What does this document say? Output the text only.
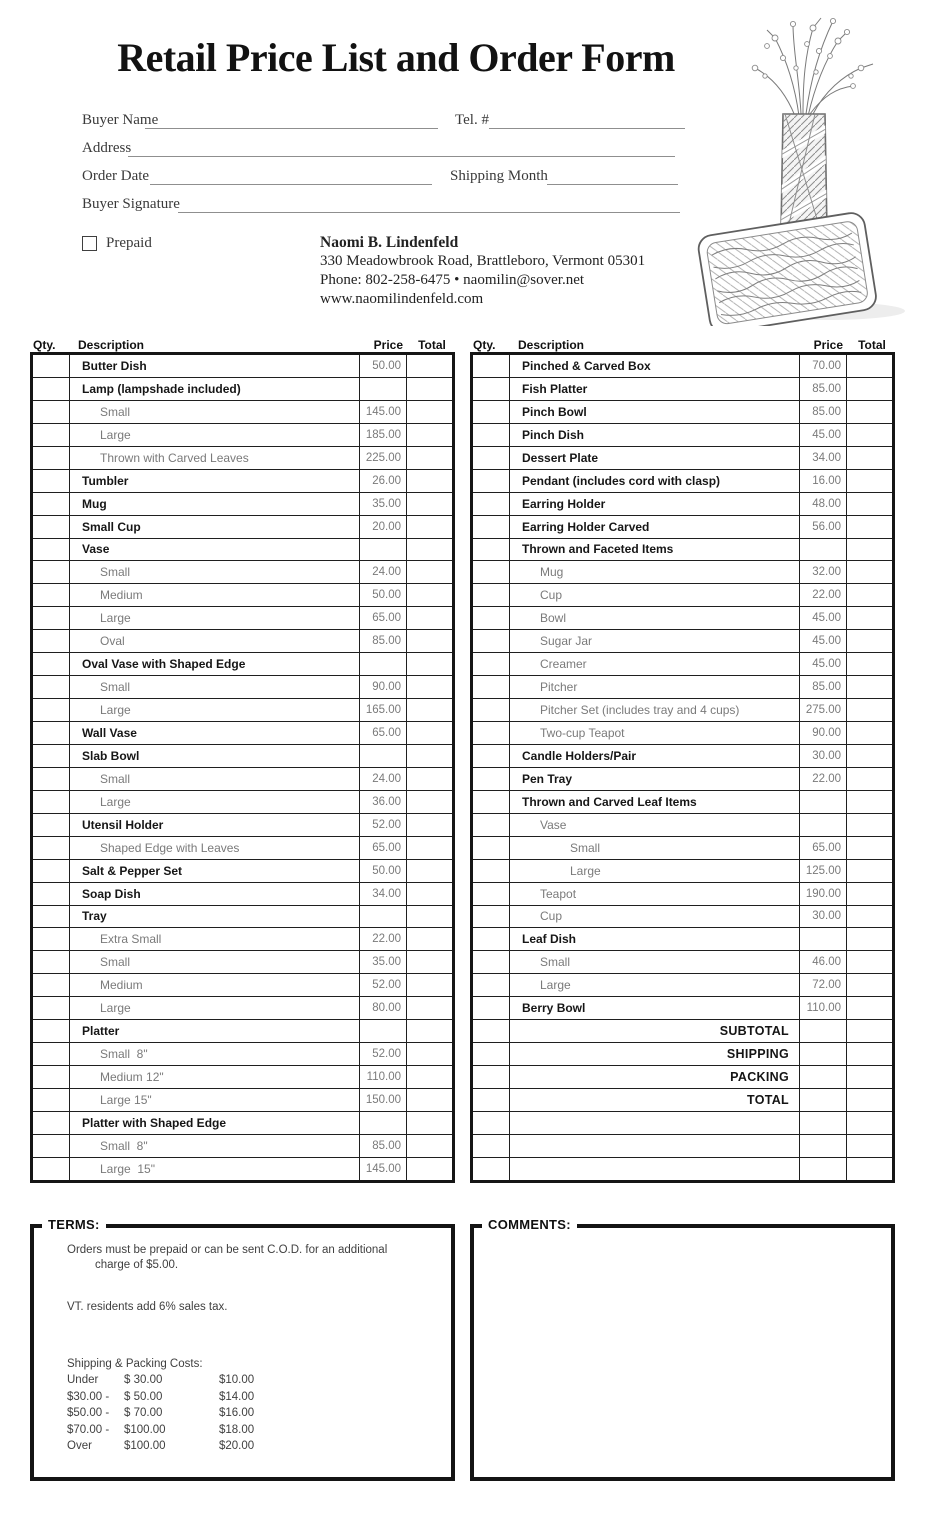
Retail Price List and Order Form
Buyer Name	Tel. #
Address
Order Date	Shipping Month
Buyer Signature
Prepaid	Naomi B. Lindenfeld
330 Meadowbrook Road, Brattleboro, Vermont 05301
Phone: 802-258-6475 • naomilin@sover.net
www.naomilindenfeld.com
Qty.	Description	Price	Total
Butter Dish	50.00
Lamp (lampshade included)
Small	145.00
Large	185.00
Thrown with Carved Leaves	225.00
Tumbler	26.00
Mug	35.00
Small Cup	20.00
Vase
Small	24.00
Medium	50.00
Large	65.00
Oval	85.00
Oval Vase with Shaped Edge
Small	90.00
Large	165.00
Wall Vase	65.00
Slab Bowl
Small	24.00
Large	36.00
Utensil Holder	52.00
Shaped Edge with Leaves	65.00
Salt & Pepper Set	50.00
Soap Dish	34.00
Tray
Extra Small	22.00
Small	35.00
Medium	52.00
Large	80.00
Platter
Small  8"	52.00
Medium 12"	110.00
Large 15"	150.00
Platter with Shaped Edge
Small  8"	85.00
Large  15"	145.00
Qty.	Description	Price	Total
Pinched & Carved Box	70.00
Fish Platter	85.00
Pinch Bowl	85.00
Pinch Dish	45.00
Dessert Plate	34.00
Pendant (includes cord with clasp)	16.00
Earring Holder	48.00
Earring Holder Carved	56.00
Thrown and Faceted Items
Mug	32.00
Cup	22.00
Bowl	45.00
Sugar Jar	45.00
Creamer	45.00
Pitcher	85.00
Pitcher Set (includes tray and 4 cups)	275.00
Two-cup Teapot	90.00
Candle Holders/Pair	30.00
Pen Tray	22.00
Thrown and Carved Leaf Items
Vase
Small	65.00
Large	125.00
Teapot	190.00
Cup	30.00
Leaf Dish
Small	46.00
Large	72.00
Berry Bowl	110.00
SUBTOTAL
SHIPPING
PACKING
TOTAL
TERMS:
Orders must be prepaid or can be sent C.O.D. for an additional
charge of $5.00.
VT. residents add 6% sales tax.
Shipping & Packing Costs:
Under	$ 30.00	$10.00
$30.00 -	$ 50.00	$14.00
$50.00 -	$ 70.00	$16.00
$70.00 -	$100.00	$18.00
Over	$100.00	$20.00
COMMENTS:
